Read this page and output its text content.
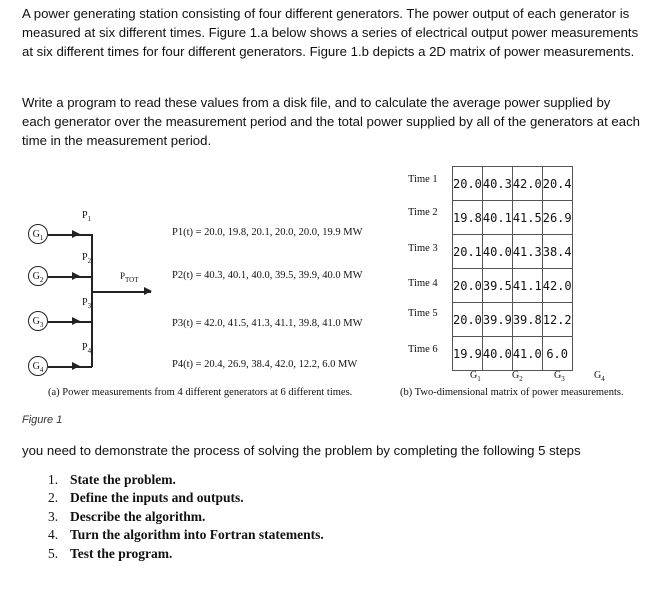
A power generating station consisting of four different generators. The power output of each generator is measured at six different times. Figure 1.a below shows a series of electrical output power measurements at six different times for four different generators. Figure 1.b depicts a 2D matrix of power measurements.

Write a program to read these values from a disk file, and to calculate the average power supplied by each generator over the measurement period and the total power supplied by all of the generators at each time in the measurement period.

$G_1$
$G_2$
$G_3$
$G_4$
$P_1$
$P_2$
$P_3$
$P_4$
$P_{TOT}$
P1(t) = 20.0, 19.8, 20.1, 20.0, 20.0, 19.9 MW
P2(t) = 40.3, 40.1, 40.0, 39.5, 39.9, 40.0 MW
P3(t) = 42.0, 41.5, 41.3, 41.1, 39.8, 41.0 MW
P4(t) = 20.4, 26.9, 38.4, 42.0, 12.2, 6.0 MW
(a) Power measurements from 4 different generators at 6 different times.
Time 1
Time 2
Time 3
Time 4
Time 5
Time 6
20.0	40.3	42.0	20.4
19.8	40.1	41.5	26.9
20.1	40.0	41.3	38.4
20.0	39.5	41.1	42.0
20.0	39.9	39.8	12.2
19.9	40.0	41.0	6.0
$G_1$	$G_2$	$G_3$	$G_4$
(b) Two-dimensional matrix of power measurements.
Figure 1

you need to demonstrate the process of solving the problem by completing the following 5 steps

1. State the problem.
2. Define the inputs and outputs.
3. Describe the algorithm.
4. Turn the algorithm into Fortran statements.
5. Test the program.
